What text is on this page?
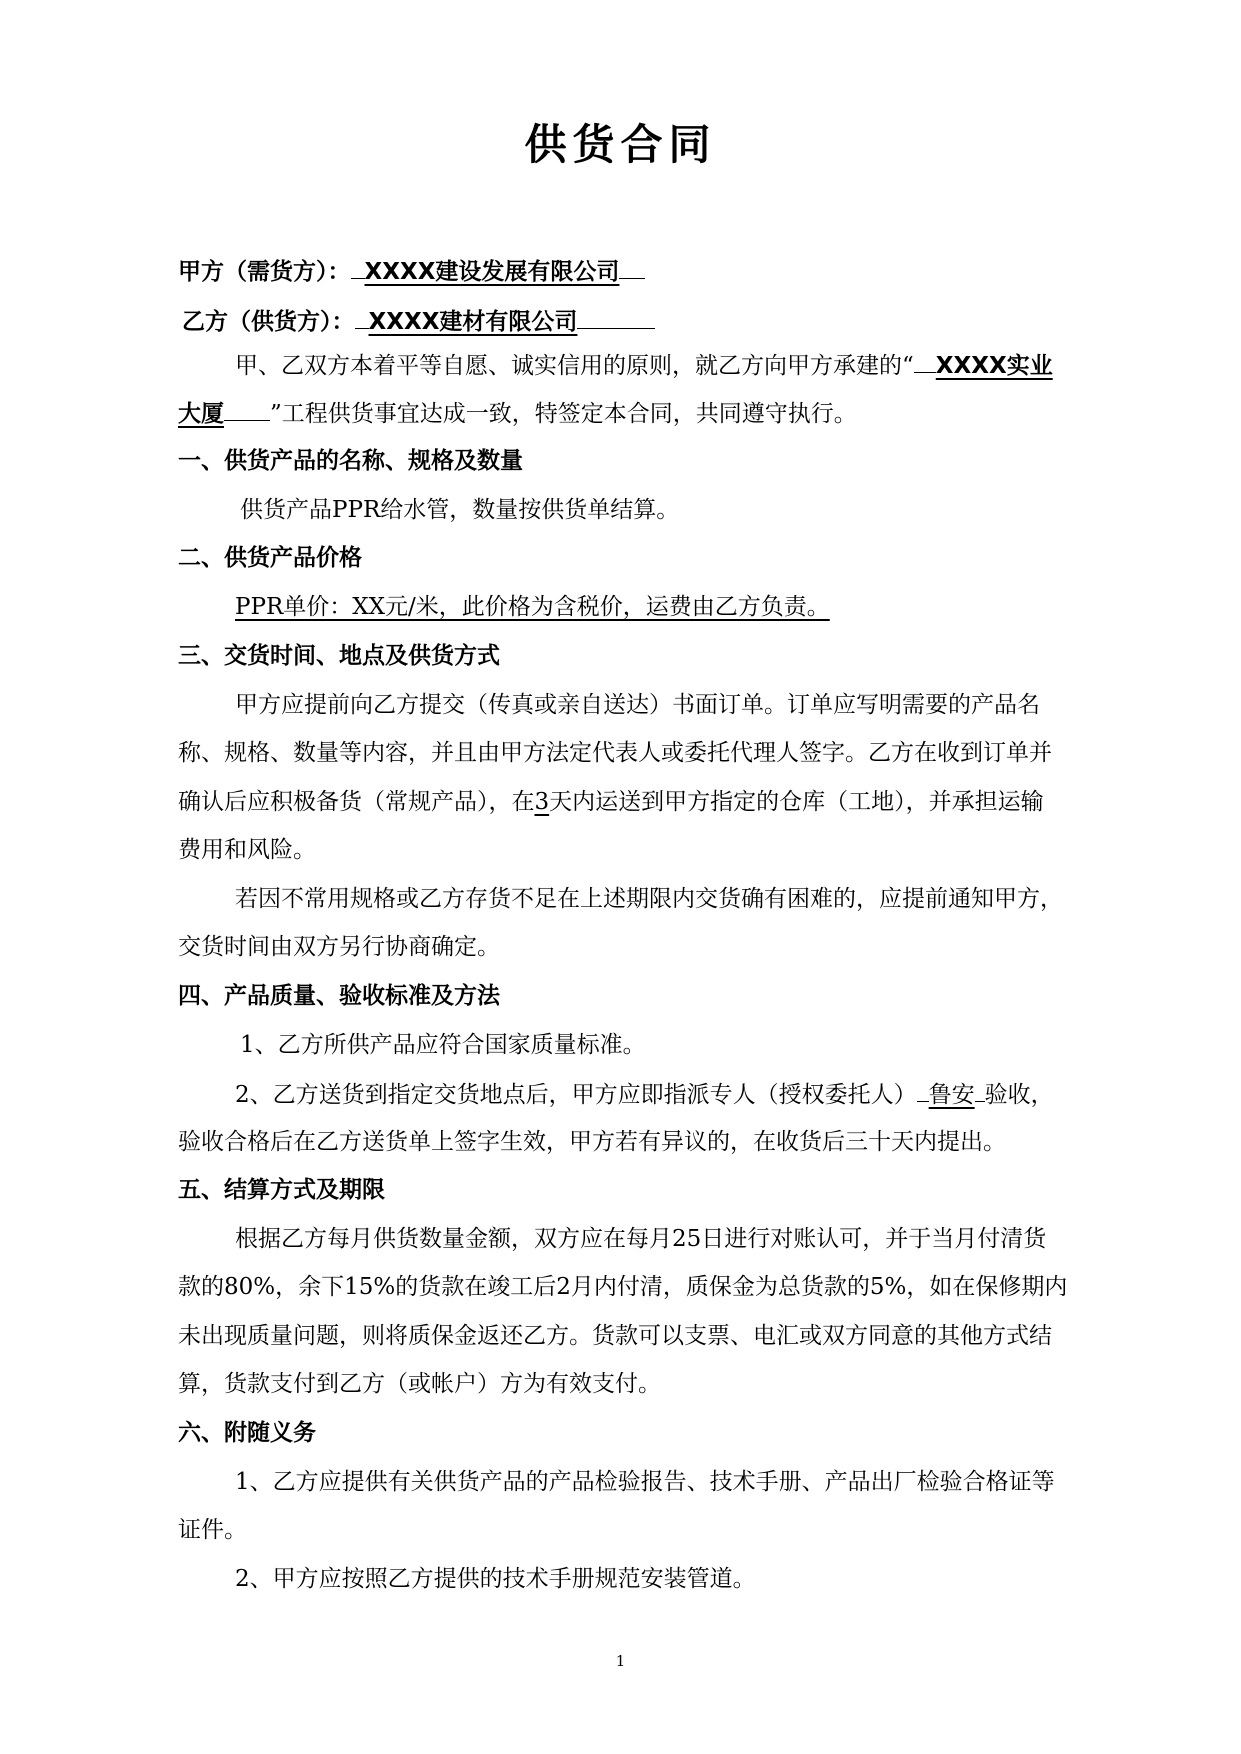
供货合同
甲方（需货方）： XXXX建设发展有限公司
乙方（供货方）： XXXX建材有限公司
甲、乙双方本着平等自愿、诚实信用的原则，就乙方向甲方承建的“ XXXX实业
大厦 ”工程供货事宜达成一致，特签定本合同，共同遵守执行。
一、供货产品的名称、规格及数量
供货产品PPR给水管，数量按供货单结算。
二、供货产品价格
PPR单价：XX元/米，此价格为含税价，运费由乙方负责。
三、交货时间、地点及供货方式
甲方应提前向乙方提交（传真或亲自送达）书面订单。订单应写明需要的产品名
称、规格、数量等内容，并且由甲方法定代表人或委托代理人签字。乙方在收到订单并
确认后应积极备货（常规产品），在3天内运送到甲方指定的仓库（工地），并承担运输
费用和风险。
若因不常用规格或乙方存货不足在上述期限内交货确有困难的，应提前通知甲方，
交货时间由双方另行协商确定。
四、产品质量、验收标准及方法
1、乙方所供产品应符合国家质量标准。
2、乙方送货到指定交货地点后，甲方应即指派专人（授权委托人） 鲁安 验收，
验收合格后在乙方送货单上签字生效，甲方若有异议的，在收货后三十天内提出。
五、结算方式及期限
根据乙方每月供货数量金额，双方应在每月25日进行对账认可，并于当月付清货
款的80%，余下15%的货款在竣工后2月内付清，质保金为总货款的5%，如在保修期内
未出现质量问题，则将质保金返还乙方。货款可以支票、电汇或双方同意的其他方式结
算，货款支付到乙方（或帐户）方为有效支付。
六、附随义务
1、乙方应提供有关供货产品的产品检验报告、技术手册、产品出厂检验合格证等
证件。
2、甲方应按照乙方提供的技术手册规范安装管道。
1
